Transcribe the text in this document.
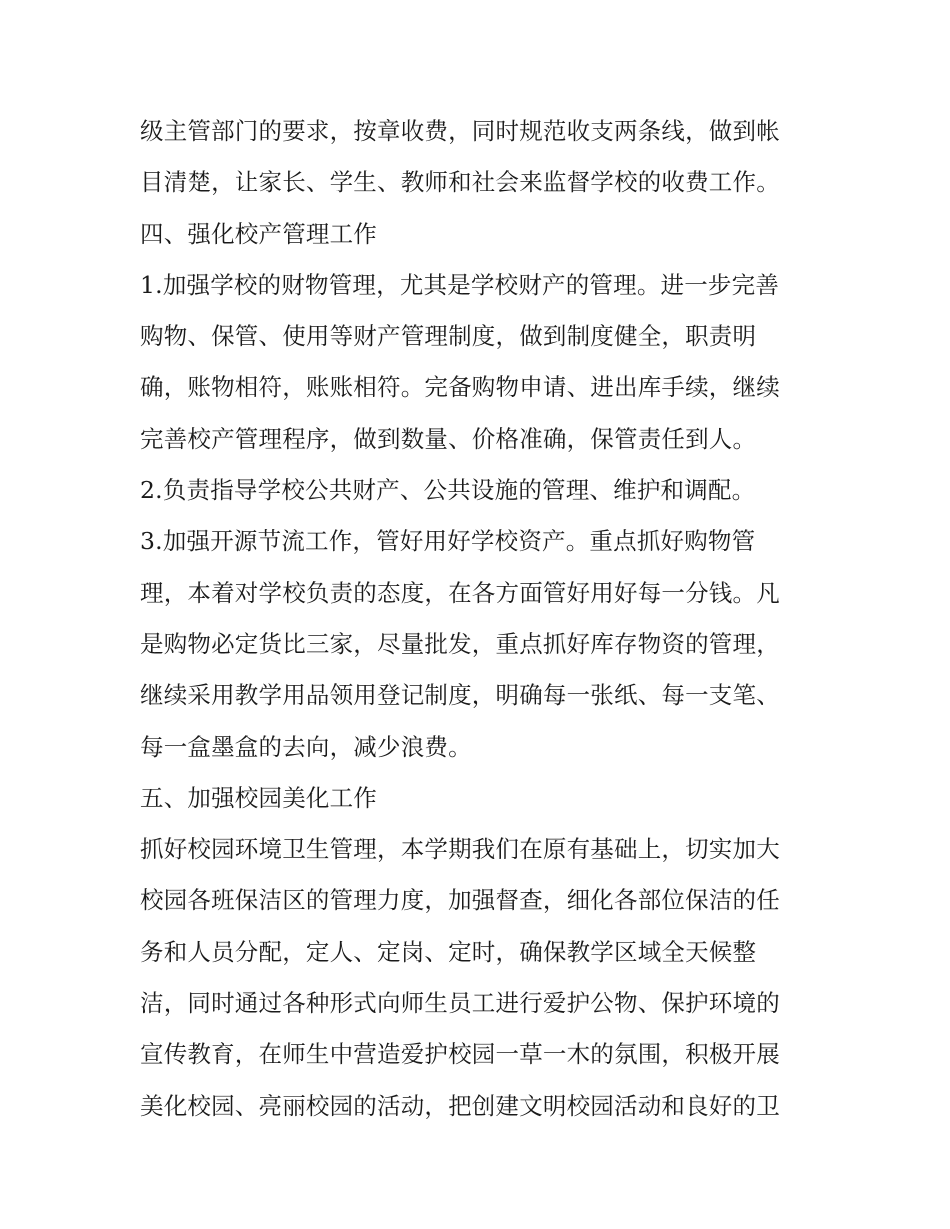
级主管部门的要求，按章收费，同时规范收支两条线，做到帐
目清楚，让家长、学生、教师和社会来监督学校的收费工作。
四、强化校产管理工作
1.加强学校的财物管理，尤其是学校财产的管理。进一步完善
购物、保管、使用等财产管理制度，做到制度健全，职责明
确，账物相符，账账相符。完备购物申请、进出库手续，继续
完善校产管理程序，做到数量、价格准确，保管责任到人。
2.负责指导学校公共财产、公共设施的管理、维护和调配。
3.加强开源节流工作，管好用好学校资产。重点抓好购物管
理，本着对学校负责的态度，在各方面管好用好每一分钱。凡
是购物必定货比三家，尽量批发，重点抓好库存物资的管理，
继续采用教学用品领用登记制度，明确每一张纸、每一支笔、
每一盒墨盒的去向，减少浪费。
五、加强校园美化工作
抓好校园环境卫生管理，本学期我们在原有基础上，切实加大
校园各班保洁区的管理力度，加强督查，细化各部位保洁的任
务和人员分配，定人、定岗、定时，确保教学区域全天候整
洁，同时通过各种形式向师生员工进行爱护公物、保护环境的
宣传教育，在师生中营造爱护校园一草一木的氛围，积极开展
美化校园、亮丽校园的活动，把创建文明校园活动和良好的卫
